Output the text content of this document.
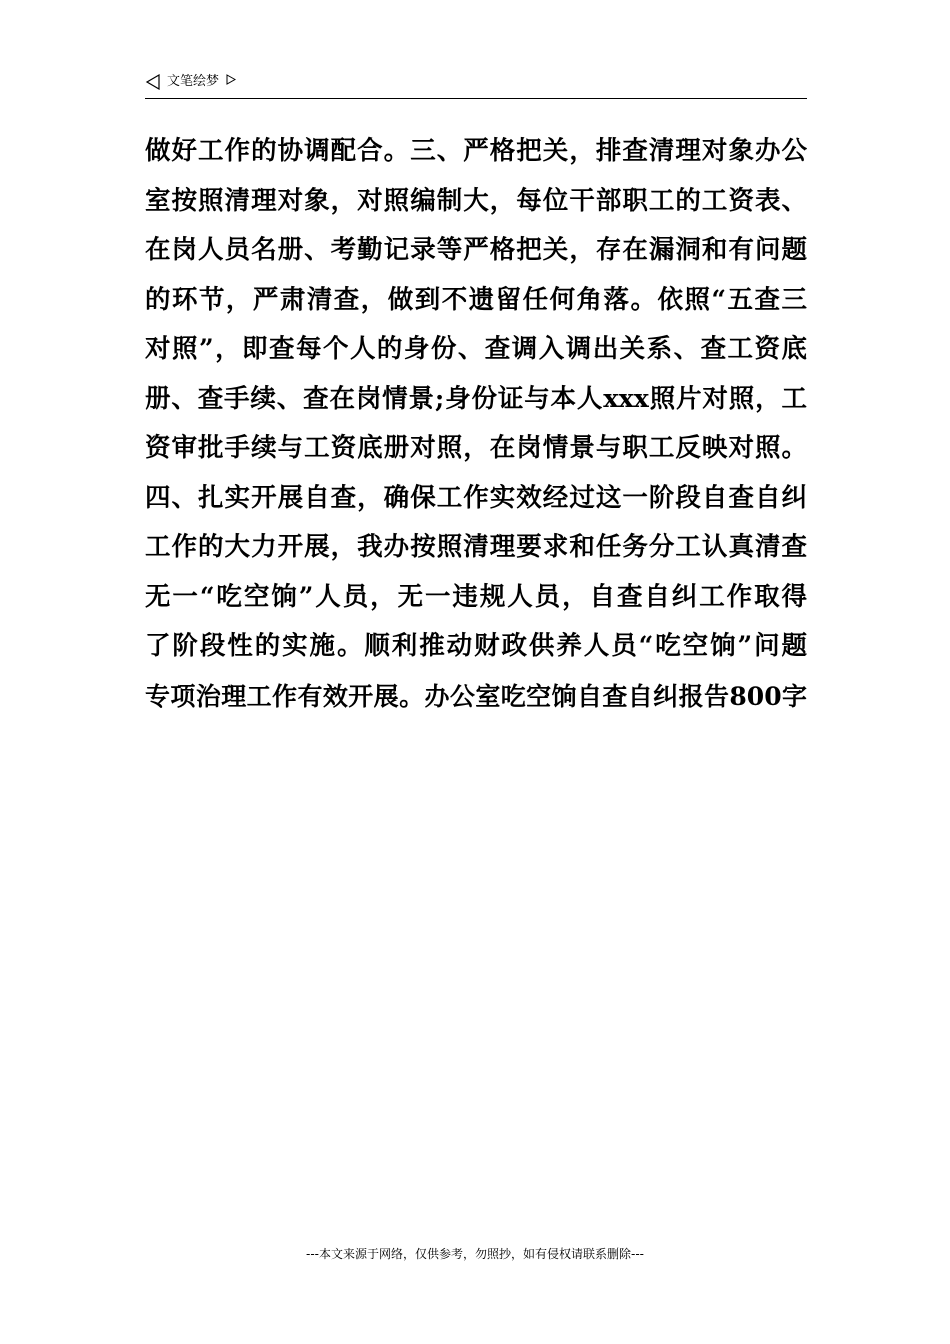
文笔绘梦
做好工作的协调配合。三、严格把关，排查清理对象办公
室按照清理对象，对照编制大，每位干部职工的工资表、
在岗人员名册、考勤记录等严格把关，存在漏洞和有问题
的环节，严肃清查，做到不遗留任何角落。依照“五查三
对照”，即查每个人的身份、查调入调出关系、查工资底
册、查手续、查在岗情景;身份证与本人xxx照片对照，工
资审批手续与工资底册对照，在岗情景与职工反映对照。
四、扎实开展自查，确保工作实效经过这一阶段自查自纠
工作的大力开展，我办按照清理要求和任务分工认真清查
无一“吃空饷”人员，无一违规人员，自查自纠工作取得
了阶段性的实施。顺利推动财政供养人员“吃空饷”问题
专项治理工作有效开展。办公室吃空饷自查自纠报告800字
---本文来源于网络，仅供参考，勿照抄，如有侵权请联系删除---
